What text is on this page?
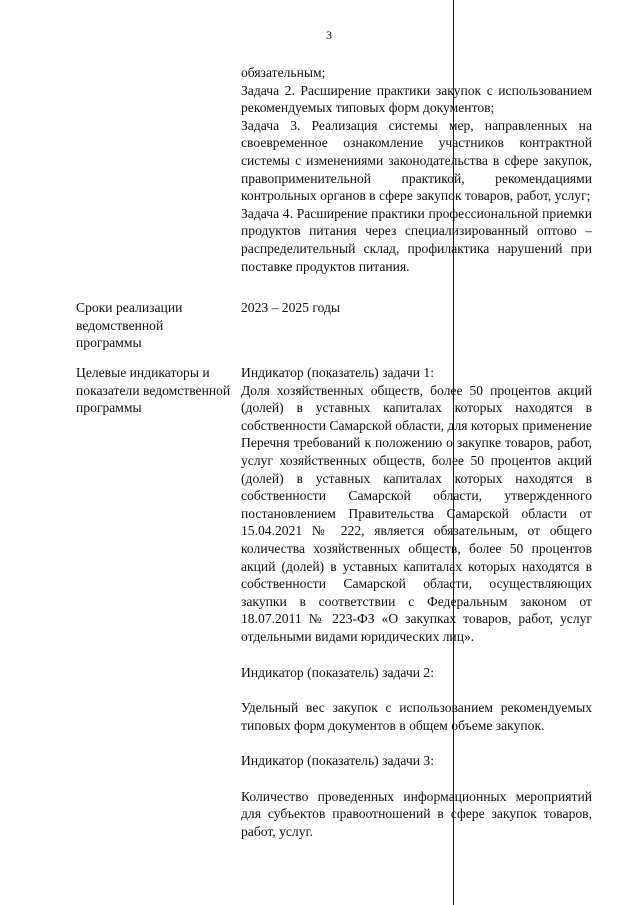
3

обязательным;

Задача 2. Расширение практики закупок с использованием рекомендуемых типовых форм документов;

Задача 3. Реализация системы мер, направленных на своевременное ознакомление участников контрактной системы с изменениями законодательства в сфере закупок, правоприменительной практикой, рекомендациями контрольных органов в сфере закупок товаров, работ, услуг;

Задача 4. Расширение практики профессиональной приемки продуктов питания через специализированный оптово – распределительный склад, профилактика нарушений при поставке продуктов питания.

Сроки реализации ведомственной программы

2023 – 2025 годы

Целевые индикаторы и показатели ведомственной программы

Индикатор (показатель) задачи 1:

Доля хозяйственных обществ, более 50 процентов акций (долей) в уставных капиталах которых находятся в собственности Самарской области, для которых применение Перечня требований к положению о закупке товаров, работ, услуг хозяйственных обществ, более 50 процентов акций (долей) в уставных капиталах которых находятся в собственности Самарской области, утвержденного постановлением Правительства Самарской области от 15.04.2021 № 222, является обязательным, от общего количества хозяйственных обществ, более 50 процентов акций (долей) в уставных капиталах которых находятся в собственности Самарской области, осуществляющих закупки в соответствии с Федеральным законом от 18.07.2011 № 223-ФЗ «О закупках товаров, работ, услуг отдельными видами юридических лиц».

Индикатор (показатель) задачи 2:

Удельный вес закупок с использованием рекомендуемых типовых форм документов в общем объеме закупок.

Индикатор (показатель) задачи 3:

Количество проведенных информационных мероприятий для субъектов правоотношений в сфере закупок товаров, работ, услуг.
